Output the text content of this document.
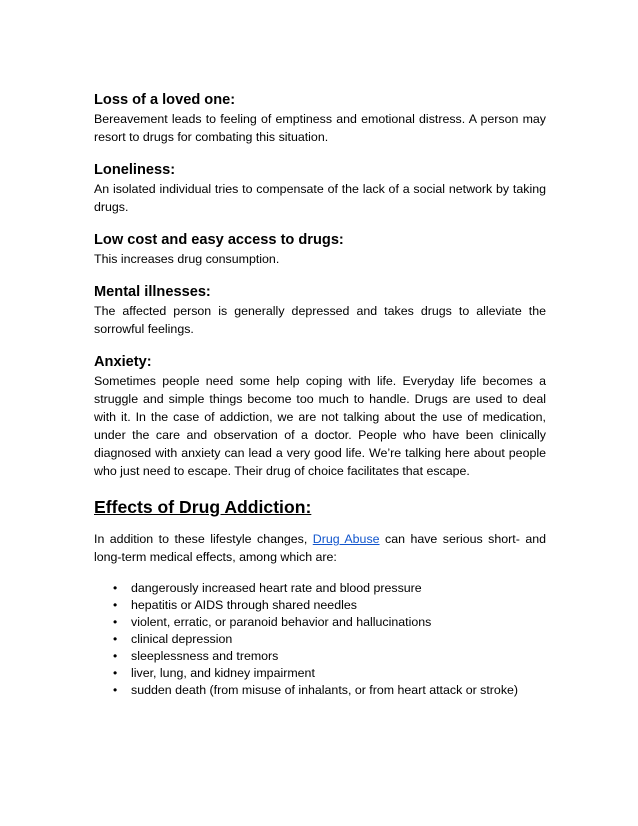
Loss of a loved one:

Bereavement leads to feeling of emptiness and emotional distress. A person may resort to drugs for combating this situation.

Loneliness:

An isolated individual tries to compensate of the lack of a social network by taking drugs.

Low cost and easy access to drugs:

This increases drug consumption.

Mental illnesses:

The affected person is generally depressed and takes drugs to alleviate the sorrowful feelings.

Anxiety:

Sometimes people need some help coping with life. Everyday life becomes a struggle and simple things become too much to handle. Drugs are used to deal with it. In the case of addiction, we are not talking about the use of medication, under the care and observation of a doctor. People who have been clinically diagnosed with anxiety can lead a very good life. We’re talking here about people who just need to escape. Their drug of choice facilitates that escape.

Effects of Drug Addiction:

In addition to these lifestyle changes, Drug Abuse can have serious short- and long-term medical effects, among which are:

• dangerously increased heart rate and blood pressure
• hepatitis or AIDS through shared needles
• violent, erratic, or paranoid behavior and hallucinations
• clinical depression
• sleeplessness and tremors
• liver, lung, and kidney impairment
• sudden death (from misuse of inhalants, or from heart attack or stroke)
